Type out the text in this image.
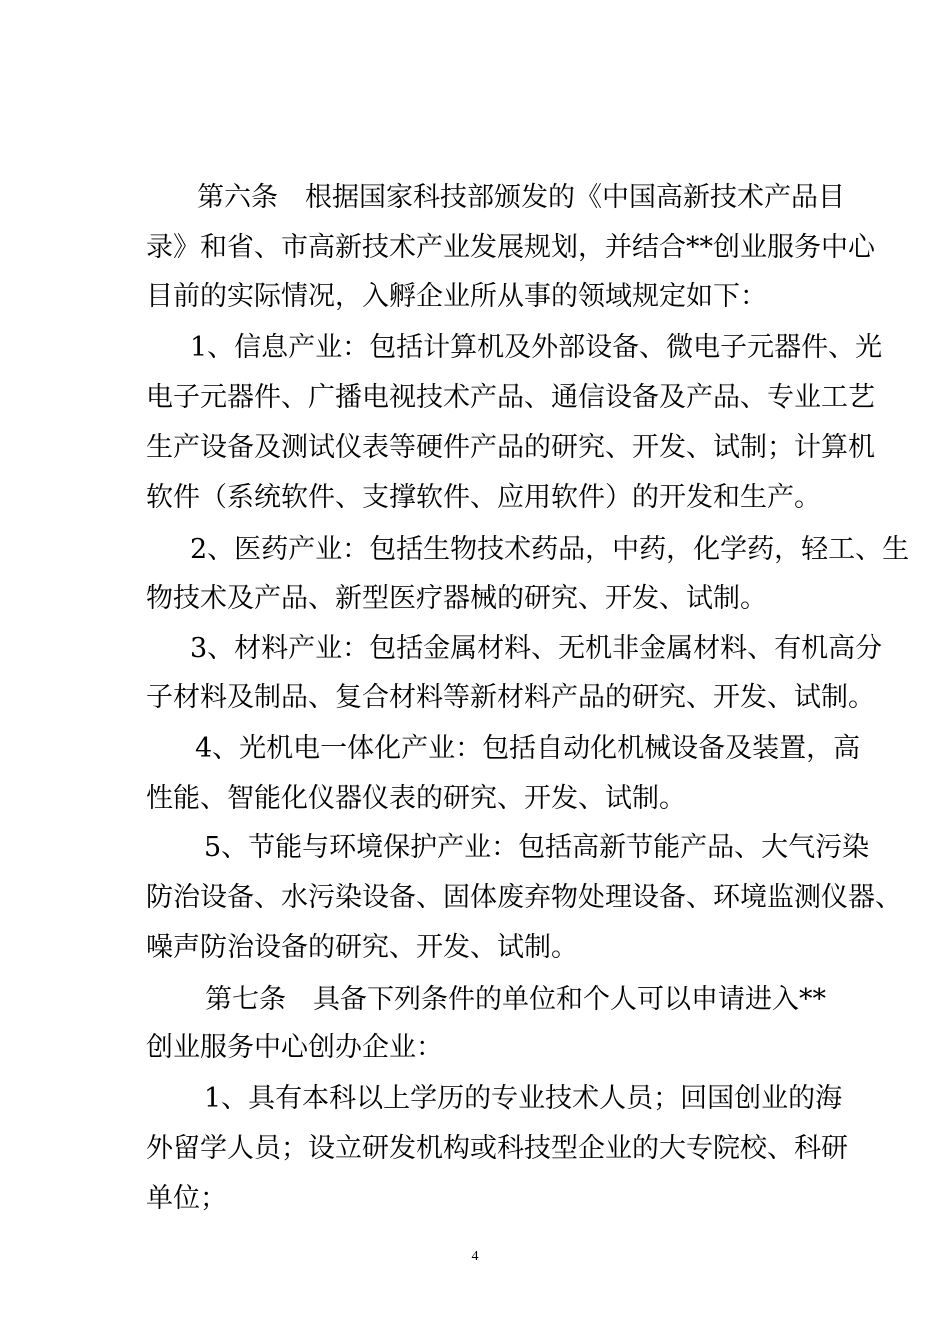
第六条　根据国家科技部颁发的《中国高新技术产品目
录》和省、市高新技术产业发展规划，并结合**创业服务中心
目前的实际情况，入孵企业所从事的领域规定如下：
1、信息产业：包括计算机及外部设备、微电子元器件、光
电子元器件、广播电视技术产品、通信设备及产品、专业工艺
生产设备及测试仪表等硬件产品的研究、开发、试制；计算机
软件（系统软件、支撑软件、应用软件）的开发和生产。
2、医药产业：包括生物技术药品，中药，化学药，轻工、生
物技术及产品、新型医疗器械的研究、开发、试制。
3、材料产业：包括金属材料、无机非金属材料、有机高分
子材料及制品、复合材料等新材料产品的研究、开发、试制。
4、光机电一体化产业：包括自动化机械设备及装置，高
性能、智能化仪器仪表的研究、开发、试制。
5、节能与环境保护产业：包括高新节能产品、大气污染
防治设备、水污染设备、固体废弃物处理设备、环境监测仪器、
噪声防治设备的研究、开发、试制。
第七条　具备下列条件的单位和个人可以申请进入**
创业服务中心创办企业：
1、具有本科以上学历的专业技术人员；回国创业的海
外留学人员；设立研发机构或科技型企业的大专院校、科研
单位；
4
